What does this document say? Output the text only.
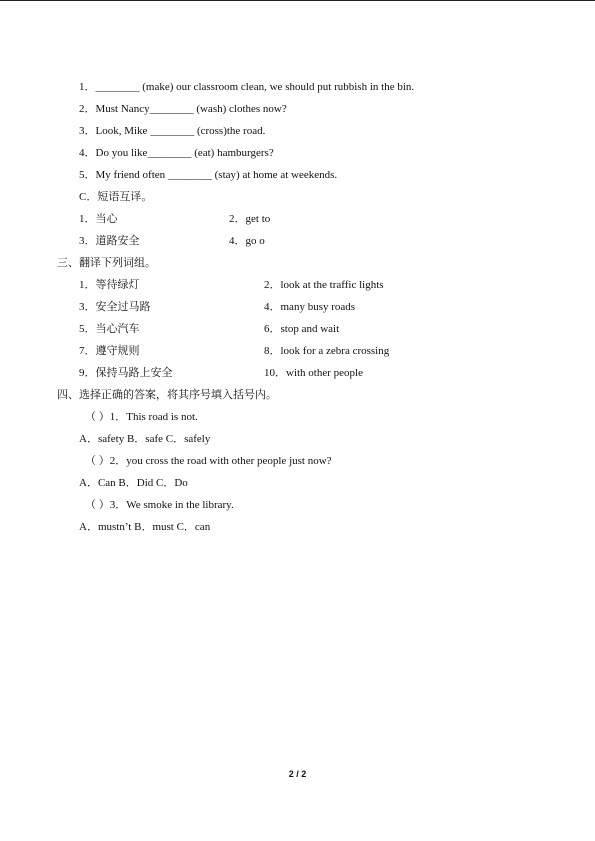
1．________ (make) our classroom clean, we should put rubbish in the bin.
2．Must Nancy________ (wash) clothes now?
3．Look, Mike ________ (cross)the road.
4．Do you like________ (eat) hamburgers?
5．My friend often ________ (stay) at home at weekends.
C．短语互译。
1．当心	2．get to
3．道路安全	4．go o
三、翻译下列词组。
1．等待绿灯	2．look at the traffic lights
3．安全过马路	4．many busy roads
5．当心汽车	6．stop and wait
7．遵守规则	8．look for a zebra crossing
9．保持马路上安全	10．with other people
四、选择正确的答案，将其序号填入括号内。
（ ）1．This road is not.
A．safety B．safe C．safely
（ ）2．you cross the road with other people just now?
A．Can B．Did C．Do
（ ）3．We smoke in the library.
A．mustn’t B．must C．can
2 / 2
